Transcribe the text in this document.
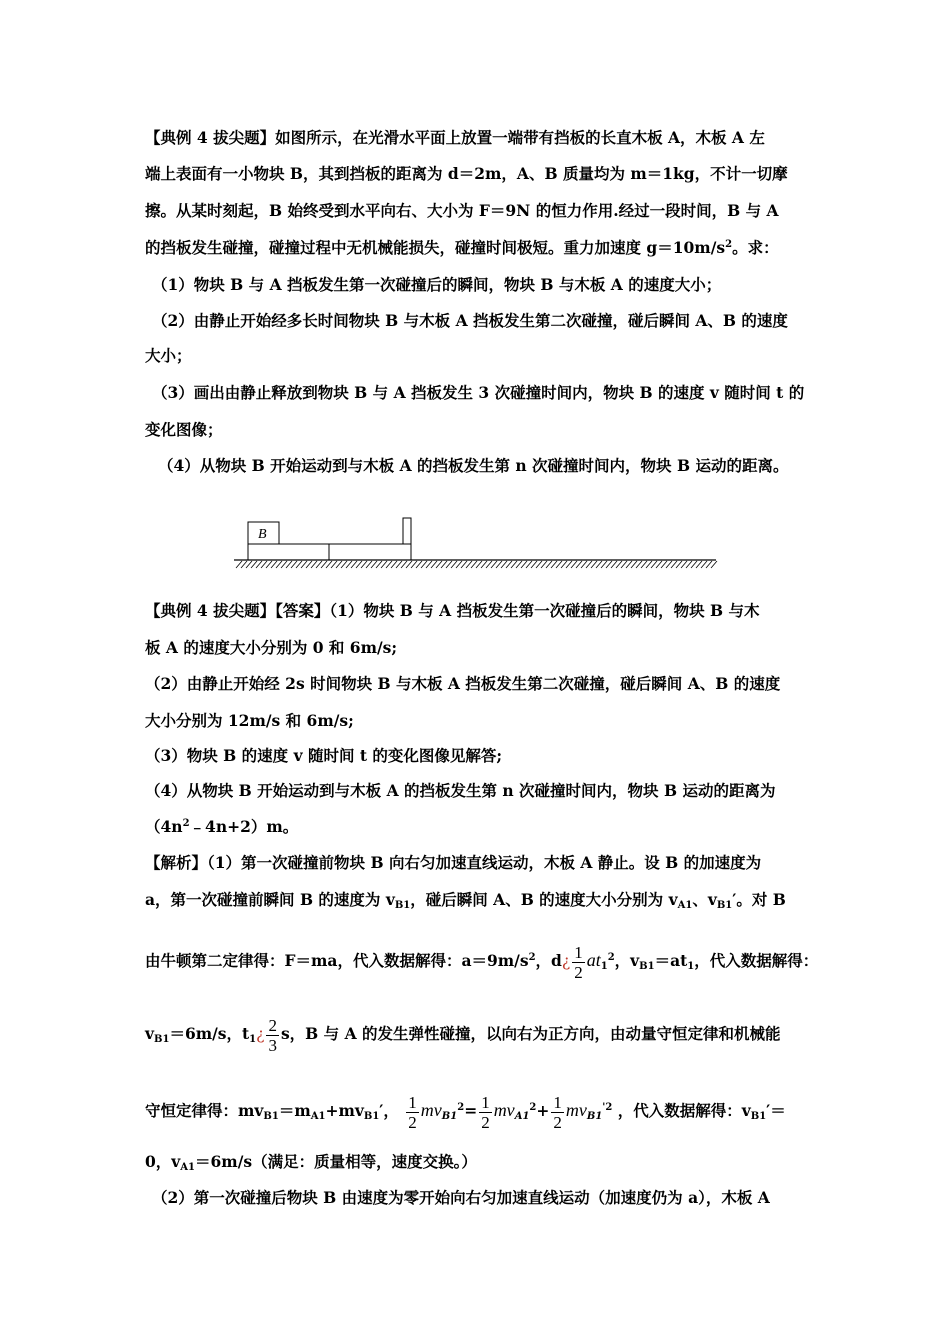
【典例 4 拔尖题】如图所示，在光滑水平面上放置一端带有挡板的长直木板 A，木板 A 左
端上表面有一小物块 B，其到挡板的距离为 d＝2m，A、B 质量均为 m＝1kg，不计一切摩
擦。从某时刻起，B 始终受到水平向右、大小为 F＝9N 的恒力作用.经过一段时间，B 与 A
的挡板发生碰撞，碰撞过程中无机械能损失，碰撞时间极短。重力加速度 $g=10m/s^2$。求：
（1）物块 B 与 A 挡板发生第一次碰撞后的瞬间，物块 B 与木板 A 的速度大小；
（2）由静止开始经多长时间物块 B 与木板 A 挡板发生第二次碰撞，碰后瞬间 A、B 的速度
大小；
（3）画出由静止释放到物块 B 与 A 挡板发生 3 次碰撞时间内，物块 B 的速度 v 随时间 t 的
变化图像；
（4）从物块 B 开始运动到与木板 A 的挡板发生第 n 次碰撞时间内，物块 B 运动的距离。
B
【典例 4 拔尖题】【答案】（1）物块 B 与 A 挡板发生第一次碰撞后的瞬间，物块 B 与木
板 A 的速度大小分别为 0 和 6m/s;
（2）由静止开始经 2s 时间物块 B 与木板 A 挡板发生第二次碰撞，碰后瞬间 A、B 的速度
大小分别为 12m/s 和 6m/s;
（3）物块 B 的速度 v 随时间 t 的变化图像见解答;
（4）从物块 B 开始运动到与木板 A 的挡板发生第 n 次碰撞时间内，物块 B 运动的距离为
$(4n^2﹣4n+2)m$。
【解析】（1）第一次碰撞前物块 B 向右匀加速直线运动，木板 A 静止。设 B 的加速度为
a，第一次碰撞前瞬间 B 的速度为 $v_{B1}$，碰后瞬间 A、B 的速度大小分别为 $v_{A1}$、$v_{B1}'$。对 B
由牛顿第二定律得：F＝ma，代入数据解得：$a=9m/s^2$，d¿ $\frac{1}{2} at_1^2$，$v_{B1}=at_1$，代入数据解得：
$v_{B1}=6m/s$，$t_1¿ \frac{2}{3}$ s，B 与 A 的发生弹性碰撞，以向右为正方向，由动量守恒定律和机械能
守恒定律得：$mv_{B1}=m_{A1}+mv_{B1}'$， $\frac{1}{2} mv_{B1}^2= \frac{1}{2} mv_{A1}^2+ \frac{1}{2} mv_{B1}^{'2}$ ，代入数据解得：$v_{B1}'=$
0，$v_{A1}=6m/s$（满足：质量相等，速度交换。）
（2）第一次碰撞后物块 B 由速度为零开始向右匀加速直线运动（加速度仍为 a），木板 A
